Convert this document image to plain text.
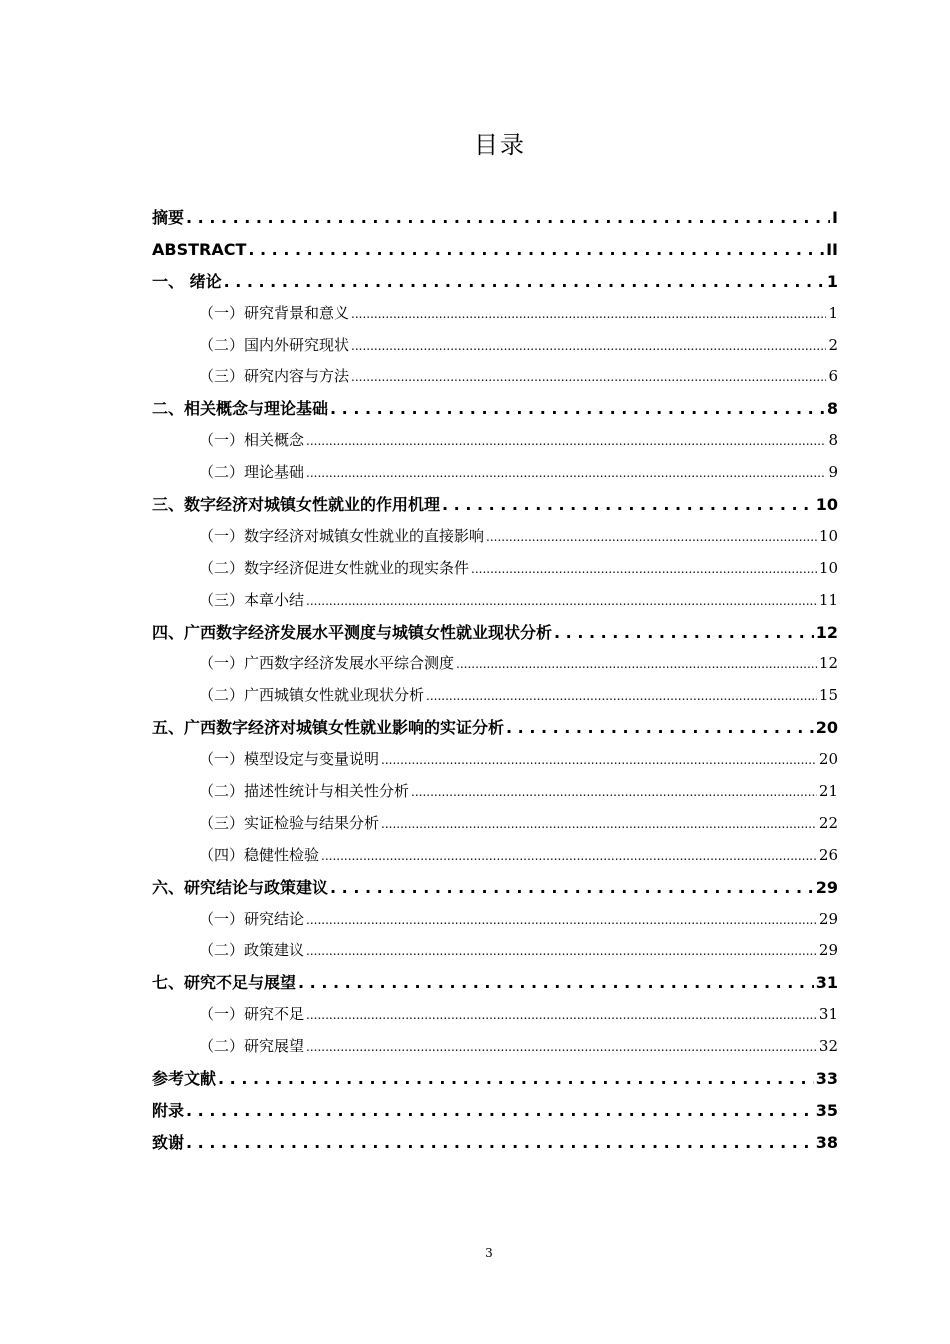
目录
摘要 . . .	I
ABSTRACT . . .	II
一、 绪论 . . .	1
（一）研究背景和意义 .....	1
（二）国内外研究现状 .....	2
（三）研究内容与方法 .....	6
二、相关概念与理论基础 . . .	8
（一）相关概念 .....	8
（二）理论基础 .....	9
三、数字经济对城镇女性就业的作用机理 . . .	10
（一）数字经济对城镇女性就业的直接影响 .....	10
（二）数字经济促进女性就业的现实条件 .....	10
（三）本章小结 .....	11
四、广西数字经济发展水平测度与城镇女性就业现状分析 . . .	12
（一）广西数字经济发展水平综合测度 .....	12
（二）广西城镇女性就业现状分析 .....	15
五、广西数字经济对城镇女性就业影响的实证分析 . . .	20
（一）模型设定与变量说明 .....	20
（二）描述性统计与相关性分析 .....	21
（三）实证检验与结果分析 .....	22
（四）稳健性检验 .....	26
六、研究结论与政策建议 . . .	29
（一）研究结论 .....	29
（二）政策建议 .....	29
七、研究不足与展望 . . .	31
（一）研究不足 .....	31
（二）研究展望 .....	32
参考文献 . . .	33
附录 . . .	35
致谢 . . .	38
3
